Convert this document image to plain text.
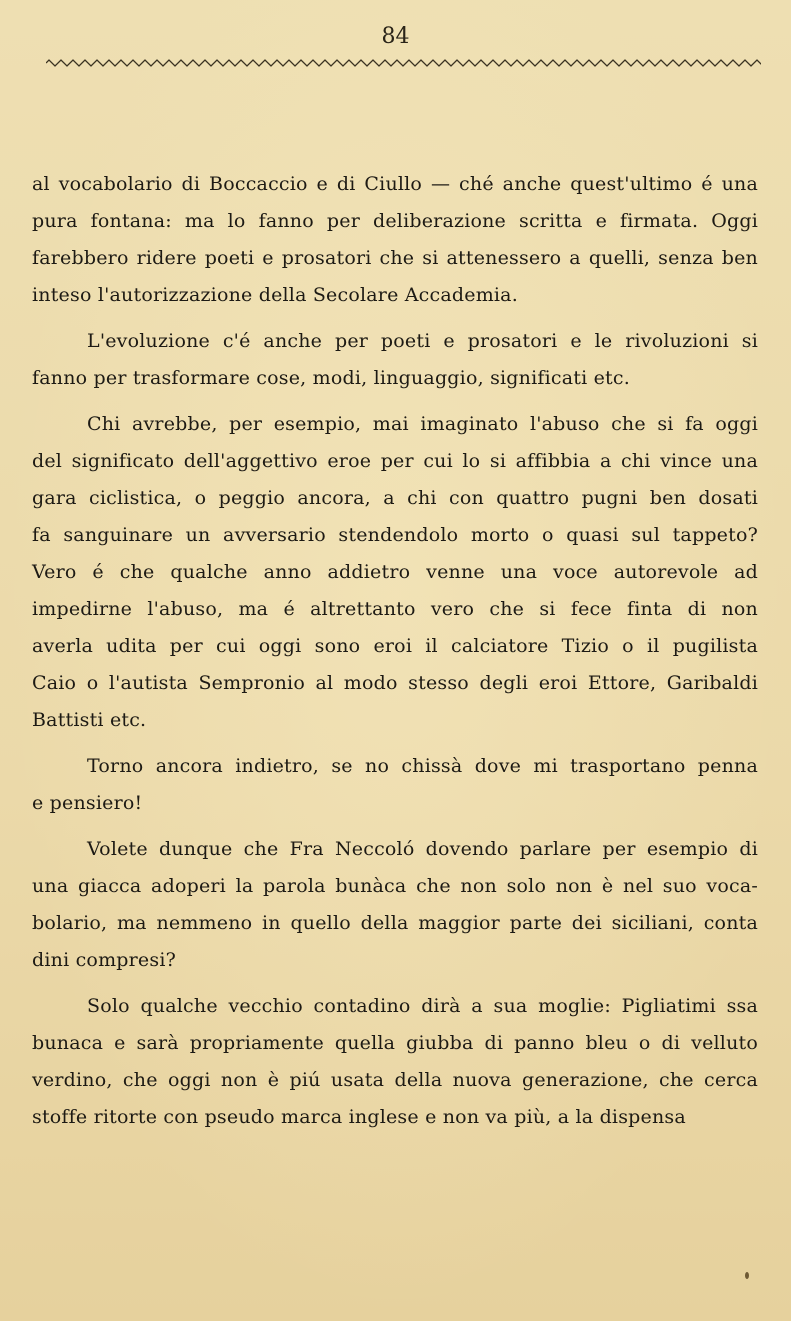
84
al vocabolario di Boccaccio e di Ciullo — ché anche quest'ultimo é una
pura fontana: ma lo fanno per deliberazione scritta e firmata. Oggi
farebbero ridere poeti e prosatori che si attenessero a quelli, senza ben
inteso l'autorizzazione della Secolare Accademia.
L'evoluzione c'é anche per poeti e prosatori e le rivoluzioni si
fanno per trasformare cose, modi, linguaggio, significati etc.
Chi avrebbe, per esempio, mai imaginato l'abuso che si fa oggi
del significato dell'aggettivo eroe per cui lo si affibbia a chi vince una
gara ciclistica, o peggio ancora, a chi con quattro pugni ben dosati
fa sanguinare un avversario stendendolo morto o quasi sul tappeto?
Vero é che qualche anno addietro venne una voce autorevole ad
impedirne l'abuso, ma é altrettanto vero che si fece finta di non
averla udita per cui oggi sono eroi il calciatore Tizio o il pugilista
Caio o l'autista Sempronio al modo stesso degli eroi Ettore, Garibaldi
Battisti etc.
Torno ancora indietro, se no chissà dove mi trasportano penna
e pensiero!
Volete dunque che Fra Neccoló dovendo parlare per esempio di
una giacca adoperi la parola bunàca che non solo non è nel suo voca-
bolario, ma nemmeno in quello della maggior parte dei siciliani, conta
dini compresi?
Solo qualche vecchio contadino dirà a sua moglie: Pigliatimi ssa
bunaca e sarà propriamente quella giubba di panno bleu o di velluto
verdino, che oggi non è piú usata della nuova generazione, che cerca
stoffe ritorte con pseudo marca inglese e non va più, a la dispensa
